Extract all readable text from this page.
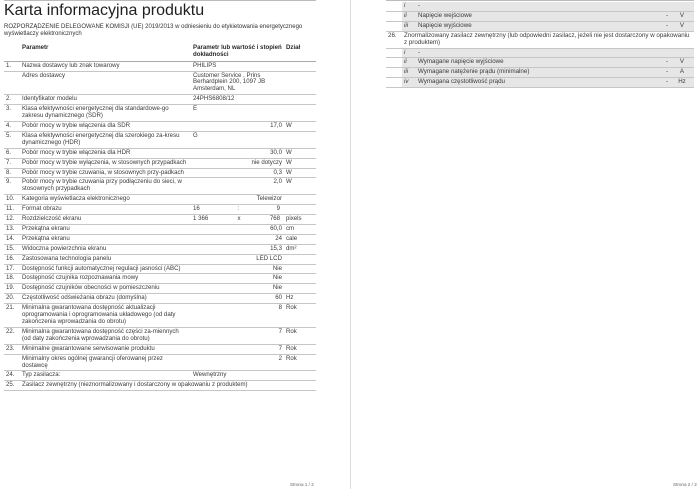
Karta informacyjna produktu
ROZPORZĄDZENIE DELEGOWANE KOMISJI (UE) 2019/2013 w odniesieniu do etykietowania energetycznego wyświetlaczy elektronicznych
	Parametr	Parametr lub wartość i stopień dokładności	Dział
1.	Nazwa dostawcy lub znak towarowy	PHILIPS	
	Adres dostawcy	Customer Service , Prins Berhardplein 200, 1097 JB Amsterdam, NL	
2.	Identyfikator modelu	24PHS6808/12	
3.	Klasa efektywności energetycznej dla standardowe-go zakresu dynamicznego (SDR)	E	
4.	Pobór mocy w trybie włączenia dla SDR	17,0	W
5.	Klasa efektywności energetycznej dla szerokiego za-kresu dynamicznego (HDR)	G	
6.	Pobór mocy w trybie włączenia dla HDR	30,0	W
7.	Pobór mocy w trybie wyłączenia, w stosownych przypadkach	nie dotyczy	W
8.	Pobór mocy w trybie czuwania, w stosownych przy-padkach	0,3	W
9.	Pobór mocy w trybie czuwania przy podłączeniu do sieci, w stosownych przypadkach	2,0	W
10.	Kategoria wyświetlacza elektronicznego	Telewizor	
11.	Format obrazu	16 : 9	

12.	Rozdzielczość ekranu	1 366 x 768	pixels
13.	Przekątna ekranu	60,0	cm
14.	Przekątna ekranu	24	cale
15.	Widoczna powierzchnia ekranu	15,3	dm²
16.	Zastosowana technologia panelu	LED LCD	
17.	Dostępność funkcji automatycznej regulacji jasności (ABC)	Nie	
18.	Dostępność czujnika rozpoznawania mowy	Nie	
19.	Dostępność czujników obecności w pomieszczeniu	Nie	
20.	Częstotliwość odświeżania obrazu (domyślna)	60	Hz
21.	Minimalna gwarantowana dostępność aktualizacji oprogramowania i oprogramowania układowego (od daty zakończenia wprowadzania do obrotu)	8	Rok
22.	Minimalna gwarantowana dostępność części za-miennych (od daty zakończenia wprowadzania do obrotu)	7	Rok
23.	Minimalne gwarantowane serwisowanie produktu	7	Rok
	Minimalny okres ogólnej gwarancji oferowanej przez dostawcę	2	Rok
24.	Typ zasilacza:	Wewnętrzny	
25.	Zasilacz zewnętrzny (nieznormalizowany i dostarczony w opakowaniu z produktem)		
	i	-		
	ii	Napięcie wejściowe	-	V
	iii	Napięcie wyjściowe	-	V
26.	Znormalizowany zasilacz zewnętrzny (lub odpowiedni zasilacz, jeżeli nie jest dostarczony w opakowaniu z produktem)			
	i	-		
	ii	Wymagane napięcie wyjściowe	-	V
	iii	Wymagane natężenie prądu (minimalne)	-	A
	iv	Wymagana częstotliwość prądu	-	Hz
Strona 1 / 2	Strona 2 / 2
